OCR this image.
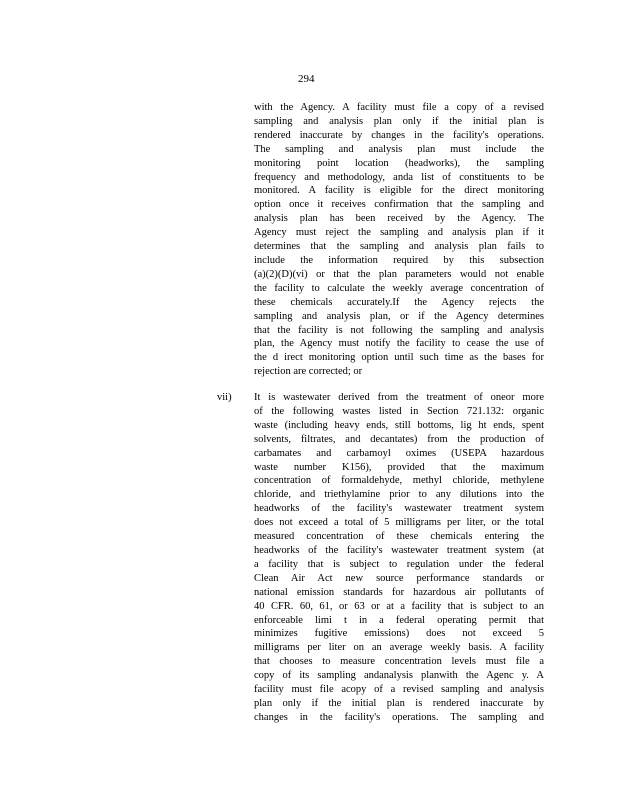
294
with the Agency. A facility must file a copy of a revised
sampling and analysis plan only if the initial plan is
rendered inaccurate by changes in the facility's operations.
The sampling and analysis plan must include the
monitoring point location (headworks), the sampling
frequency and methodology, anda list of constituents to be
monitored. A facility is eligible for the direct monitoring
option once it receives confirmation that the sampling and
analysis plan has been received by the Agency. The
Agency must reject the sampling and analysis plan if it
determines that the sampling and analysis plan fails to
include the information required by this subsection
(a)(2)(D)(vi) or that the plan parameters would not enable
the facility to calculate the weekly average concentration of
these chemicals accurately.If the Agency rejects the
sampling and analysis plan, or if the Agency determines
that the facility is not following the sampling and analysis
plan, the Agency must notify the facility to cease the use of
the d irect monitoring option until such time as the bases for
rejection are corrected; or
vii) It is wastewater derived from the treatment of oneor more
of the following wastes listed in Section 721.132: organic
waste (including heavy ends, still bottoms, lig ht ends, spent
solvents, filtrates, and decantates) from the production of
carbamates and carbamoyl oximes (USEPA hazardous
waste number K156), provided that the maximum
concentration of formaldehyde, methyl chloride, methylene
chloride, and triethylamine prior to any dilutions into the
headworks of the facility's wastewater treatment system
does not exceed a total of 5 milligrams per liter, or the total
measured concentration of these chemicals entering the
headworks of the facility's wastewater treatment system (at
a facility that is subject to regulation under the federal
Clean Air Act new source performance standards or
national emission standards for hazardous air pollutants of
40 CFR. 60, 61, or 63 or at a facility that is subject to an
enforceable limi t in a federal operating permit that
minimizes fugitive emissions) does not exceed 5
milligrams per liter on an average weekly basis. A facility
that chooses to measure concentration levels must file a
copy of its sampling andanalysis planwith the Agenc y. A
facility must file acopy of a revised sampling and analysis
plan only if the initial plan is rendered inaccurate by
changes in the facility's operations. The sampling and
